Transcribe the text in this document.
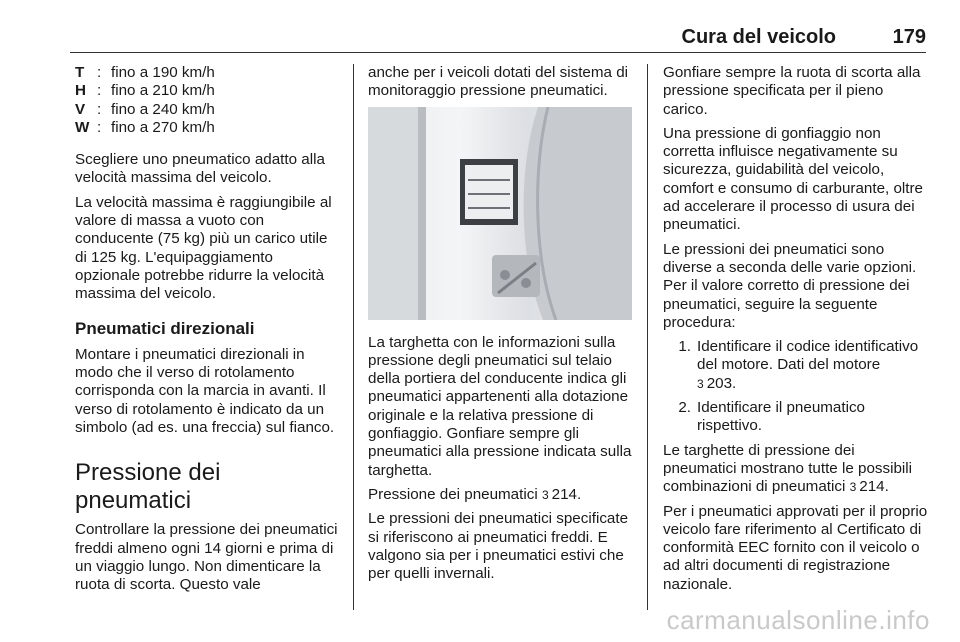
Cura del veicolo	179
T : fino a 190 km/h
H : fino a 210 km/h
V : fino a 240 km/h
W : fino a 270 km/h

Scegliere uno pneumatico adatto alla velocità massima del veicolo.

La velocità massima è raggiungibile al valore di massa a vuoto con conducente (75 kg) più un carico utile di 125 kg. L'equipaggiamento opzionale potrebbe ridurre la velocità massima del veicolo.

Pneumatici direzionali

Montare i pneumatici direzionali in modo che il verso di rotolamento corrisponda con la marcia in avanti. Il verso di rotolamento è indicato da un simbolo (ad es. una freccia) sul fianco.

Pressione dei pneumatici

Controllare la pressione dei pneumatici freddi almeno ogni 14 giorni e prima di un viaggio lungo. Non dimenticare la ruota di scorta. Questo vale

anche per i veicoli dotati del sistema di monitoraggio pressione pneumatici.

La targhetta con le informazioni sulla pressione degli pneumatici sul telaio della portiera del conducente indica gli pneumatici appartenenti alla dotazione originale e la relativa pressione di gonfiaggio. Gonfiare sempre gli pneumatici alla pressione indicata sulla targhetta.

Pressione dei pneumatici 3 214.

Le pressioni dei pneumatici specificate si riferiscono ai pneumatici freddi. E valgono sia per i pneumatici estivi che per quelli invernali.

Gonfiare sempre la ruota di scorta alla pressione specificata per il pieno carico.

Una pressione di gonfiaggio non corretta influisce negativamente su sicurezza, guidabilità del veicolo, comfort e consumo di carburante, oltre ad accelerare il processo di usura dei pneumatici.

Le pressioni dei pneumatici sono diverse a seconda delle varie opzioni. Per il valore corretto di pressione dei pneumatici, seguire la seguente procedura:

1. Identificare il codice identificativo del motore. Dati del motore
3 203.
2. Identificare il pneumatico rispettivo.

Le targhette di pressione dei pneumatici mostrano tutte le possibili combinazioni di pneumatici 3 214.

Per i pneumatici approvati per il proprio veicolo fare riferimento al Certificato di conformità EEC fornito con il veicolo o ad altri documenti di registrazione nazionale.

carmanualsonline.info
